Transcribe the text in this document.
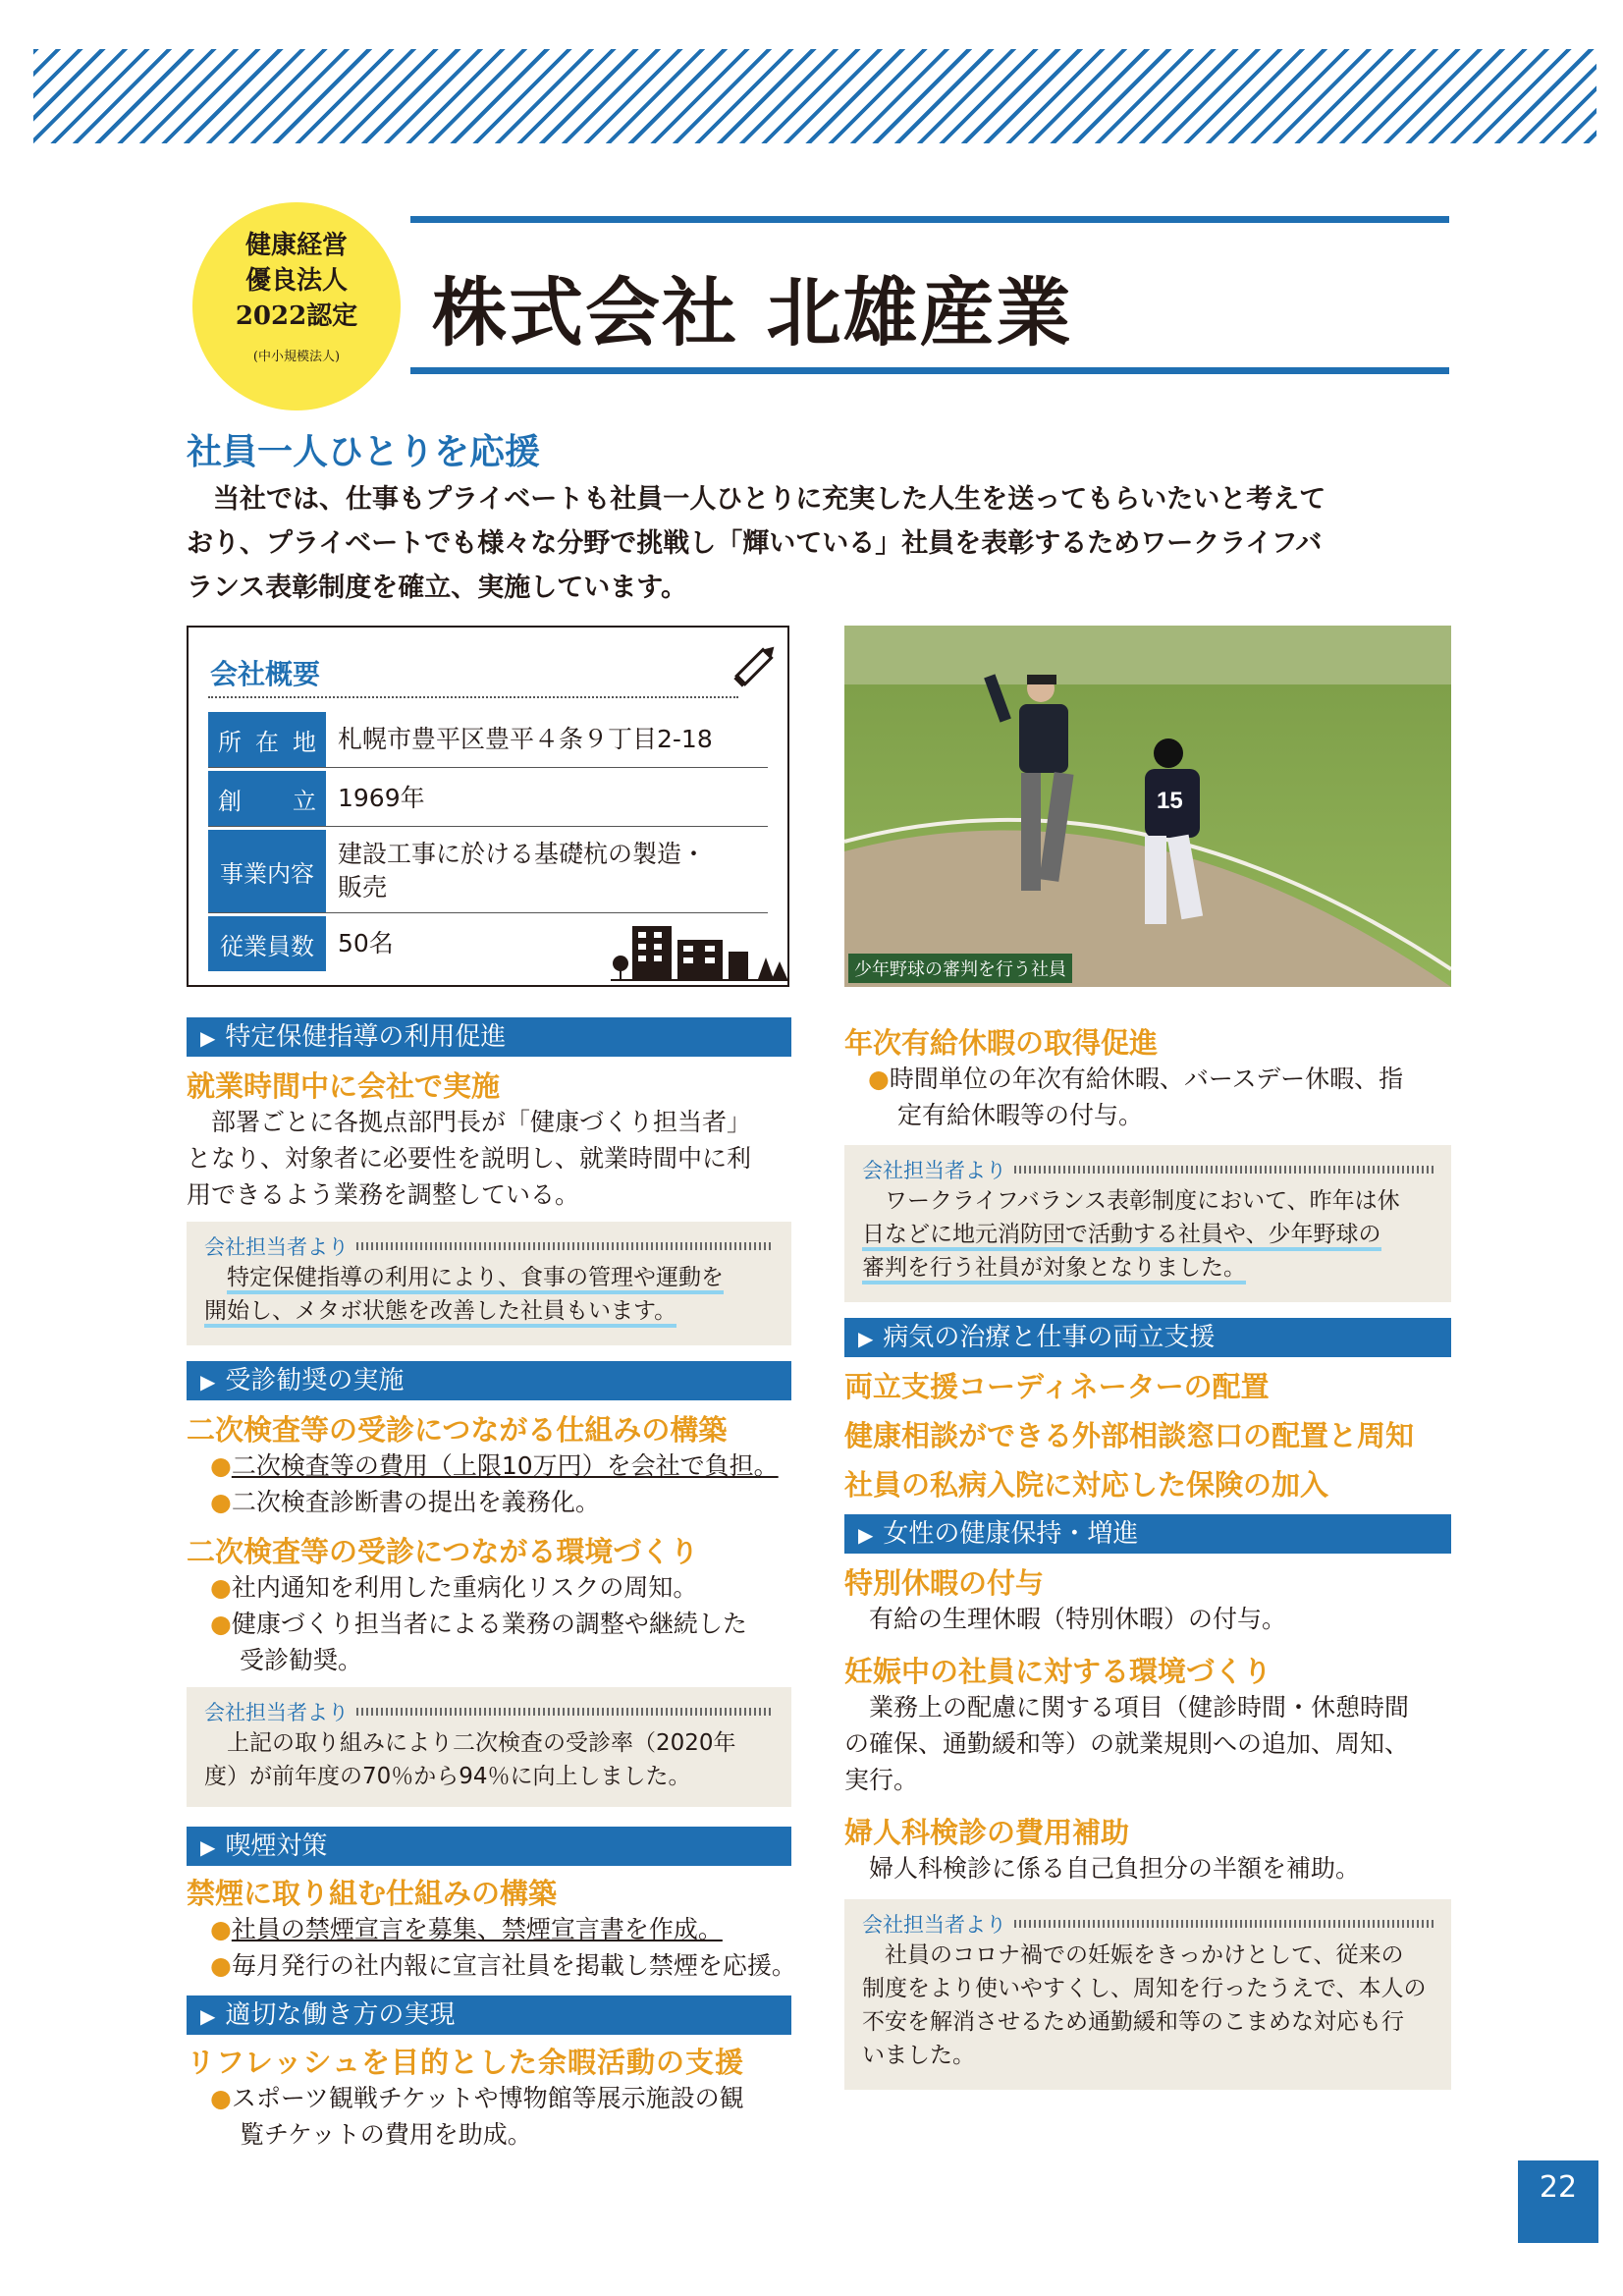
健康経営
優良法人
2022認定
(中小規模法人)
株式会社 北雄産業
社員一人ひとりを応援
当社では、仕事もプライベートも社員一人ひとりに充実した人生を送ってもらいたいと考えて
おり、プライベートでも様々な分野で挑戦し「輝いている」社員を表彰するためワークライフバ
ランス表彰制度を確立、実施しています。
会社概要
所 在 地 札幌市豊平区豊平４条９丁目2-18
創 立 1969年
事業内容
建設工事に於ける基礎杭の製造・
販売
従業員数 50名
15
少年野球の審判を行う社員
▶ 特定保健指導の利用促進
就業時間中に会社で実施
部署ごとに各拠点部門長が「健康づくり担当者」
となり、対象者に必要性を説明し、就業時間中に利
用できるよう業務を調整している。
会社担当者より
特定保健指導の利用により、食事の管理や運動を
開始し、メタボ状態を改善した社員もいます。
▶ 受診勧奨の実施
二次検査等の受診につながる仕組みの構築
●二次検査等の費用（上限10万円）を会社で負担。
●二次検査診断書の提出を義務化。
二次検査等の受診につながる環境づくり
●社内通知を利用した重病化リスクの周知。
●健康づくり担当者による業務の調整や継続した
受診勧奨。
会社担当者より
上記の取り組みにより二次検査の受診率（2020年
度）が前年度の70％から94％に向上しました。
▶ 喫煙対策
禁煙に取り組む仕組みの構築
●社員の禁煙宣言を募集、禁煙宣言書を作成。
●毎月発行の社内報に宣言社員を掲載し禁煙を応援。
▶ 適切な働き方の実現
リフレッシュを目的とした余暇活動の支援
●スポーツ観戦チケットや博物館等展示施設の観
覧チケットの費用を助成。
年次有給休暇の取得促進
●時間単位の年次有給休暇、バースデー休暇、指
定有給休暇等の付与。
会社担当者より
ワークライフバランス表彰制度において、昨年は休
日などに地元消防団で活動する社員や、少年野球の
審判を行う社員が対象となりました。
▶ 病気の治療と仕事の両立支援
両立支援コーディネーターの配置
健康相談ができる外部相談窓口の配置と周知
社員の私病入院に対応した保険の加入
▶ 女性の健康保持・増進
特別休暇の付与
有給の生理休暇（特別休暇）の付与。
妊娠中の社員に対する環境づくり
業務上の配慮に関する項目（健診時間・休憩時間
の確保、通勤緩和等）の就業規則への追加、周知、
実行。
婦人科検診の費用補助
婦人科検診に係る自己負担分の半額を補助。
会社担当者より
社員のコロナ禍での妊娠をきっかけとして、従来の
制度をより使いやすくし、周知を行ったうえで、本人の
不安を解消させるため通勤緩和等のこまめな対応も行
いました。
22
